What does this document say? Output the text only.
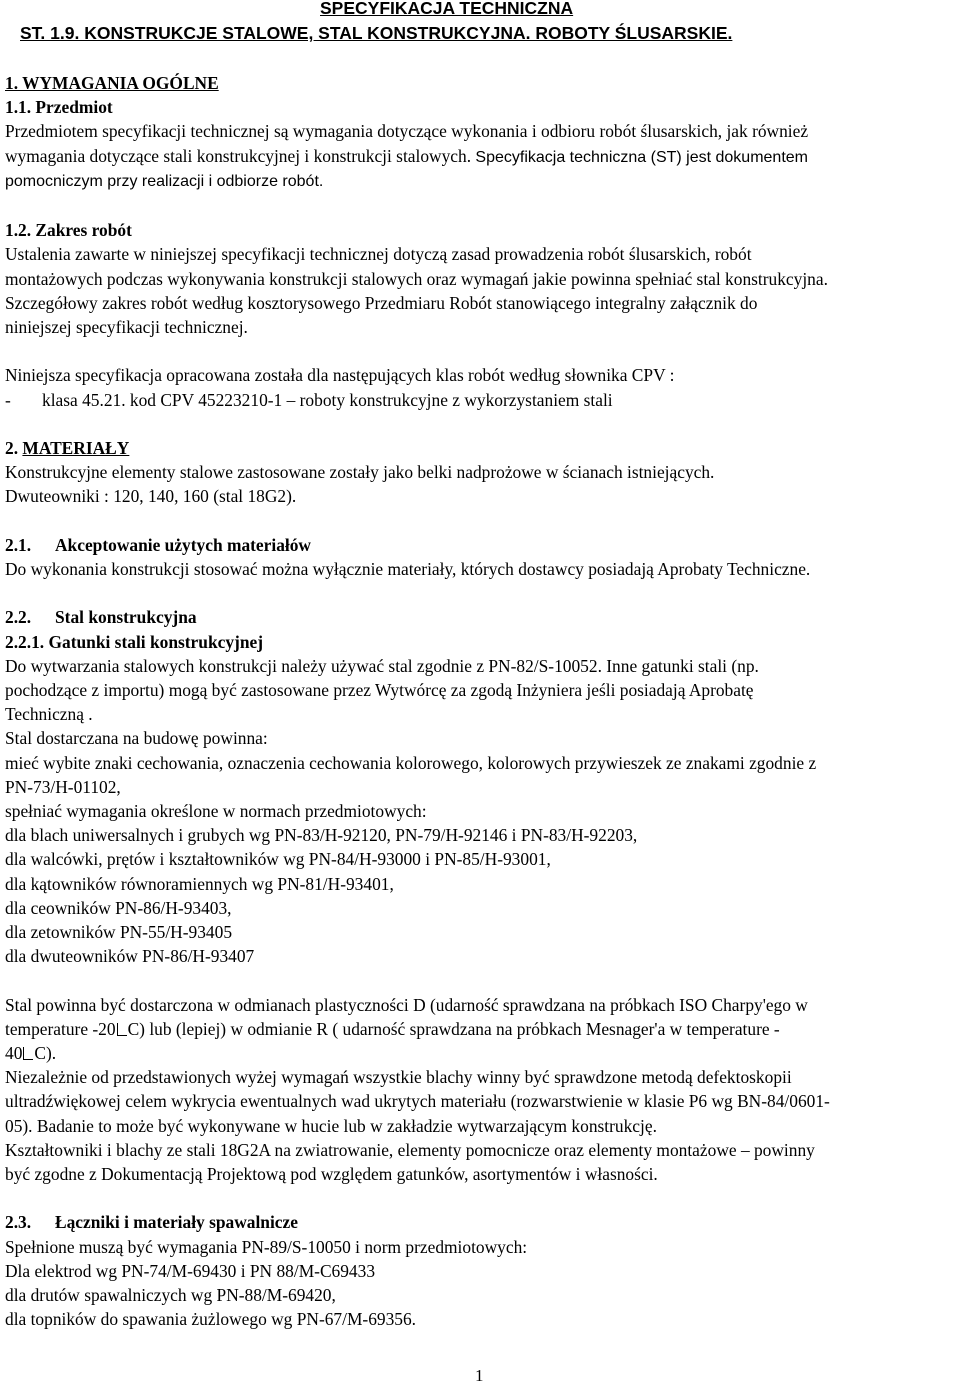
SPECYFIKACJA TECHNICZNA
ST. 1.9. KONSTRUKCJE STALOWE, STAL KONSTRUKCYJNA. ROBOTY ŚLUSARSKIE.
1. WYMAGANIA OGÓLNE
1.1. Przedmiot
Przedmiotem specyfikacji technicznej są wymagania dotyczące wykonania i odbioru robót ślusarskich, jak również
wymagania dotyczące stali konstrukcyjnej i konstrukcji stalowych. Specyfikacja techniczna (ST) jest dokumentem
pomocniczym przy realizacji i odbiorze robót.
1.2. Zakres robót
Ustalenia zawarte w niniejszej specyfikacji technicznej dotyczą zasad prowadzenia robót ślusarskich, robót
montażowych podczas wykonywania konstrukcji stalowych oraz wymagań jakie powinna spełniać stal konstrukcyjna.
Szczegółowy zakres robót według kosztorysowego Przedmiaru Robót stanowiącego integralny załącznik do
niniejszej specyfikacji technicznej.
Niniejsza specyfikacja opracowana została dla następujących klas robót według słownika CPV :
- klasa 45.21. kod CPV 45223210-1 – roboty konstrukcyjne z wykorzystaniem stali
2. MATERIAŁY
Konstrukcyjne elementy stalowe zastosowane zostały jako belki nadprożowe w ścianach istniejących.
Dwuteowniki : 120, 140, 160 (stal 18G2).
2.1. Akceptowanie użytych materiałów
Do wykonania konstrukcji stosować można wyłącznie materiały, których dostawcy posiadają Aprobaty Techniczne.
2.2. Stal konstrukcyjna
2.2.1. Gatunki stali konstrukcyjnej
Do wytwarzania stalowych konstrukcji należy używać stal zgodnie z PN-82/S-10052. Inne gatunki stali (np.
pochodzące z importu) mogą być zastosowane przez Wytwórcę za zgodą Inżyniera jeśli posiadają Aprobatę
Techniczną .
Stal dostarczana na budowę powinna:
mieć wybite znaki cechowania, oznaczenia cechowania kolorowego, kolorowych przywieszek ze znakami zgodnie z
PN-73/H-01102,
spełniać wymagania określone w normach przedmiotowych:
dla blach uniwersalnych i grubych wg PN-83/H-92120, PN-79/H-92146 i PN-83/H-92203,
dla walcówki, prętów i kształtowników wg PN-84/H-93000 i PN-85/H-93001,
dla kątowników równoramiennych wg PN-81/H-93401,
dla ceowników PN-86/H-93403,
dla zetowników PN-55/H-93405
dla dwuteowników PN-86/H-93407
Stal powinna być dostarczona w odmianach plastyczności D (udarność sprawdzana na próbkach ISO Charpy'ego w
temperature -20 C) lub (lepiej) w odmianie R ( udarność sprawdzana na próbkach Mesnager'a w temperature -
40 C).
Niezależnie od przedstawionych wyżej wymagań wszystkie blachy winny być sprawdzone metodą defektoskopii
ultradźwiękowej celem wykrycia ewentualnych wad ukrytych materiału (rozwarstwienie w klasie P6 wg BN-84/0601-
05). Badanie to może być wykonywane w hucie lub w zakładzie wytwarzającym konstrukcję.
Kształtowniki i blachy ze stali 18G2A na zwiatrowanie, elementy pomocnicze oraz elementy montażowe – powinny
być zgodne z Dokumentacją Projektową pod względem gatunków, asortymentów i własności.
2.3. Łączniki i materiały spawalnicze
Spełnione muszą być wymagania PN-89/S-10050 i norm przedmiotowych:
Dla elektrod wg PN-74/M-69430 i PN 88/M-C69433
dla drutów spawalniczych wg PN-88/M-69420,
dla topników do spawania żużlowego wg PN-67/M-69356.
1
